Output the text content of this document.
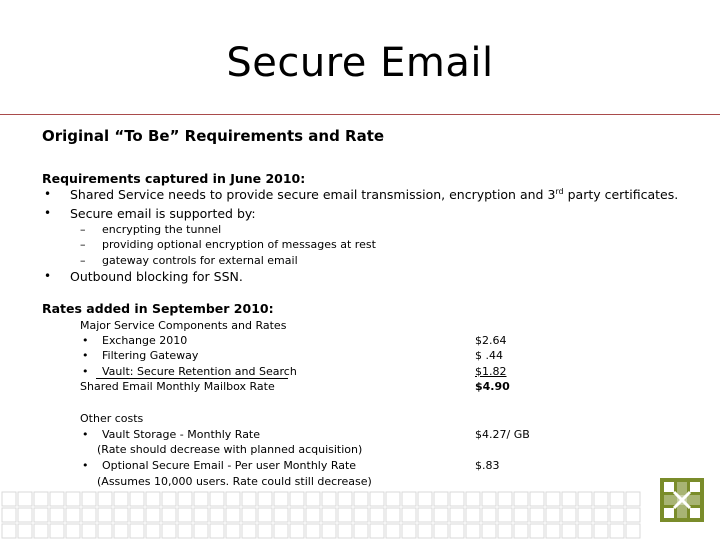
Secure Email
Original “To Be” Requirements and Rate
Requirements captured in June 2010:
• Shared Service needs to provide secure email transmission, encryption and 3rd party certificates.
• Secure email is supported by:
– encrypting the tunnel
– providing optional encryption of messages at rest
– gateway controls for external email
• Outbound blocking for SSN.
Rates added in September 2010:
Major Service Components and Rates
• Exchange 2010	$2.64
• Filtering Gateway	$ .44
• Vault: Secure Retention and Search	$1.82
Shared Email Monthly Mailbox Rate	$4.90
Other costs
• Vault Storage - Monthly Rate	$4.27/ GB
(Rate should decrease with planned acquisition)
• Optional Secure Email - Per user Monthly Rate	$.83
(Assumes 10,000 users. Rate could still decrease)
